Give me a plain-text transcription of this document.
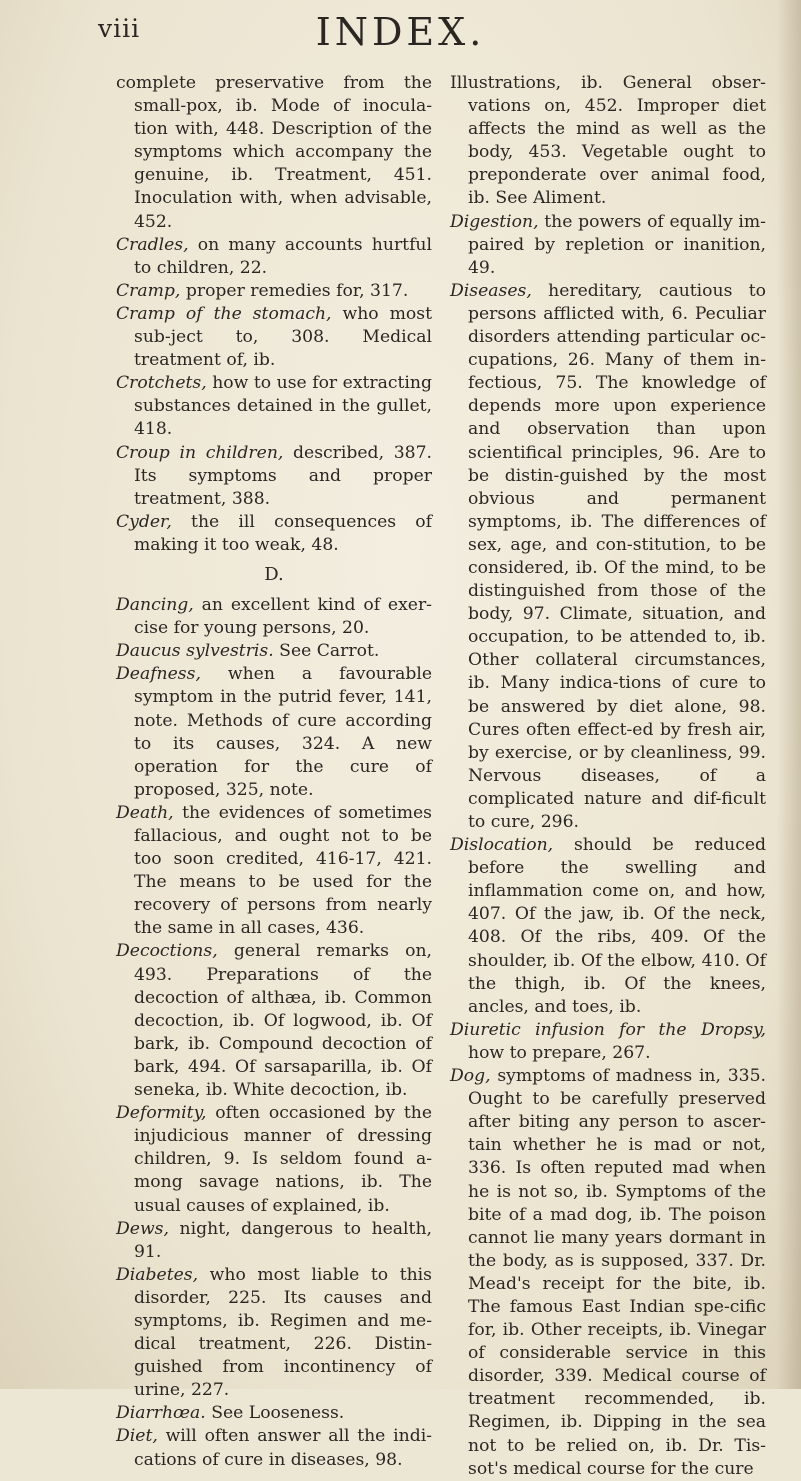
viii	INDEX.

complete preservative from the small-pox, ib. Mode of inocula-tion with, 448. Description of the symptoms which accompany the genuine, ib. Treatment, 451. Inoculation with, when advisable, 452.

Cradles, on many accounts hurtful to children, 22.

Cramp, proper remedies for, 317.

Cramp of the stomach, who most sub-ject to, 308. Medical treatment of, ib.

Crotchets, how to use for extracting substances detained in the gullet, 418.

Croup in children, described, 387. Its symptoms and proper treatment, 388.

Cyder, the ill consequences of making it too weak, 48.

D.

Dancing, an excellent kind of exer-cise for young persons, 20.

Daucus sylvestris. See Carrot.

Deafness, when a favourable symptom in the putrid fever, 141, note. Methods of cure according to its causes, 324. A new operation for the cure of proposed, 325, note.

Death, the evidences of sometimes fallacious, and ought not to be too soon credited, 416-17, 421. The means to be used for the recovery of persons from nearly the same in all cases, 436.

Decoctions, general remarks on, 493. Preparations of the decoction of althæa, ib. Common decoction, ib. Of logwood, ib. Of bark, ib. Compound decoction of bark, 494. Of sarsaparilla, ib. Of seneka, ib. White decoction, ib.

Deformity, often occasioned by the injudicious manner of dressing children, 9. Is seldom found a-mong savage nations, ib. The usual causes of explained, ib.

Dews, night, dangerous to health, 91.

Diabetes, who most liable to this disorder, 225. Its causes and symptoms, ib. Regimen and me-dical treatment, 226. Distin-guished from incontinency of urine, 227.

Diarrhœa. See Looseness.

Diet, will often answer all the indi-cations of cure in diseases, 98.

Illustrations, ib. General obser-vations on, 452. Improper diet affects the mind as well as the body, 453. Vegetable ought to preponderate over animal food, ib. See Aliment.

Digestion, the powers of equally im-paired by repletion or inanition, 49.

Diseases, hereditary, cautious to persons afflicted with, 6. Peculiar disorders attending particular oc-cupations, 26. Many of them in-fectious, 75. The knowledge of depends more upon experience and observation than upon scientifical principles, 96. Are to be distin-guished by the most obvious and permanent symptoms, ib. The differences of sex, age, and con-stitution, to be considered, ib. Of the mind, to be distinguished from those of the body, 97. Climate, situation, and occupation, to be attended to, ib. Other collateral circumstances, ib. Many indica-tions of cure to be answered by diet alone, 98. Cures often effect-ed by fresh air, by exercise, or by cleanliness, 99. Nervous diseases, of a complicated nature and dif-ficult to cure, 296.

Dislocation, should be reduced before the swelling and inflammation come on, and how, 407. Of the jaw, ib. Of the neck, 408. Of the ribs, 409. Of the shoulder, ib. Of the elbow, 410. Of the thigh, ib. Of the knees, ancles, and toes, ib.

Diuretic infusion for the Dropsy, how to prepare, 267.

Dog, symptoms of madness in, 335. Ought to be carefully preserved after biting any person to ascer-tain whether he is mad or not, 336. Is often reputed mad when he is not so, ib. Symptoms of the bite of a mad dog, ib. The poison cannot lie many years dormant in the body, as is supposed, 337. Dr. Mead's receipt for the bite, ib. The famous East Indian spe-cific for, ib. Other receipts, ib. Vinegar of considerable service in this disorder, 339. Medical course of treatment recommended, ib. Regimen, ib. Dipping in the sea not to be relied on, ib. Dr. Tis-sot's medical course for the cure
